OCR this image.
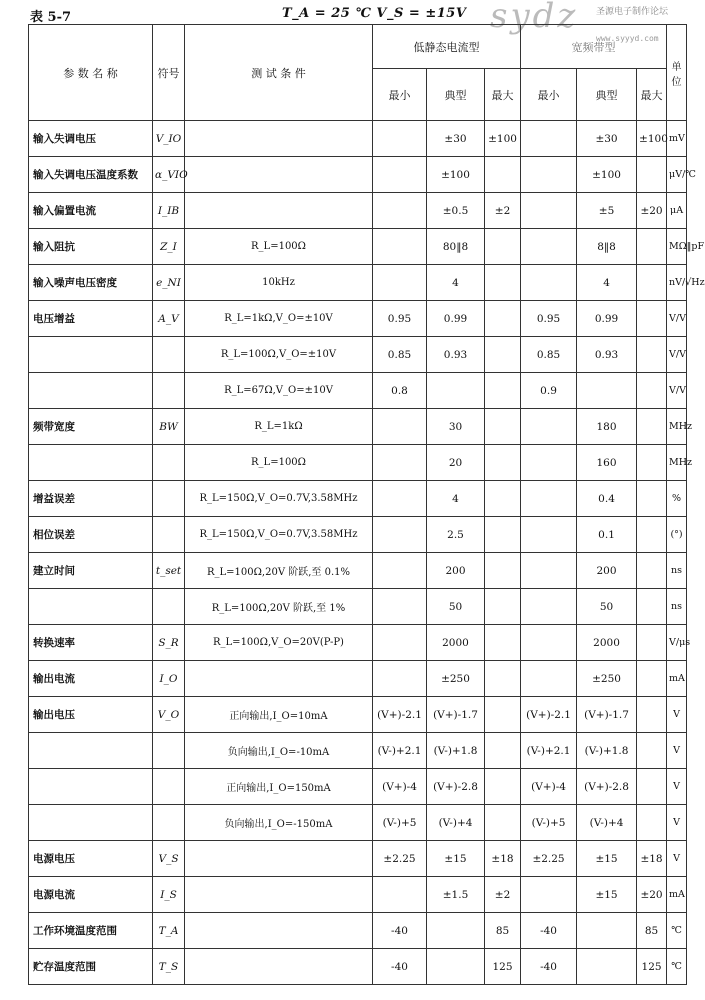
表 5-7	T_A = 25 ℃ V_S = ±15V sydz 圣源电子制作论坛
www.syyyd.com
参 数 名 称	符号	测 试 条 件	低静态电流型			宽频带型			单 位
			最小	典型	最大	最小	典型	最大	
输入失调电压	V_IO			±30	±100		±30	±100	mV
输入失调电压温度系数	α_VIO			±100			±100		μV/℃
输入偏置电流	I_IB			±0.5	±2		±5	±20	μA
输入阻抗	Z_I	R_L=100Ω		80‖8			8‖8		MΩ‖pF
输入噪声电压密度	e_NI	10kHz		4			4		nV/√Hz
电压增益	A_V	R_L=1kΩ,V_O=±10V	0.95	0.99		0.95	0.99		V/V
		R_L=100Ω,V_O=±10V	0.85	0.93		0.85	0.93		V/V
		R_L=67Ω,V_O=±10V	0.8			0.9			V/V
频带宽度	BW	R_L=1kΩ		30			180		MHz
		R_L=100Ω		20			160		MHz
增益误差		R_L=150Ω,V_O=0.7V,3.58MHz		4			0.4		%
相位误差		R_L=150Ω,V_O=0.7V,3.58MHz		2.5			0.1		(°)
建立时间	t_set	R_L=100Ω,20V 阶跃,至 0.1%		200			200		ns
		R_L=100Ω,20V 阶跃,至 1%		50			50		ns
转换速率	S_R	R_L=100Ω,V_O=20V(P-P)		2000			2000		V/μs
输出电流	I_O			±250			±250		mA
输出电压	V_O	正向输出,I_O=10mA	(V+)-2.1	(V+)-1.7		(V+)-2.1	(V+)-1.7		V
		负向输出,I_O=-10mA	(V-)+2.1	(V-)+1.8		(V-)+2.1	(V-)+1.8		V
		正向输出,I_O=150mA	(V+)-4	(V+)-2.8		(V+)-4	(V+)-2.8		V
		负向输出,I_O=-150mA	(V-)+5	(V-)+4		(V-)+5	(V-)+4		V
电源电压	V_S		±2.25	±15	±18	±2.25	±15	±18	V
电源电流	I_S			±1.5	±2		±15	±20	mA
工作环境温度范围	T_A		-40		85	-40		85	℃
贮存温度范围	T_S		-40		125	-40		125	℃
